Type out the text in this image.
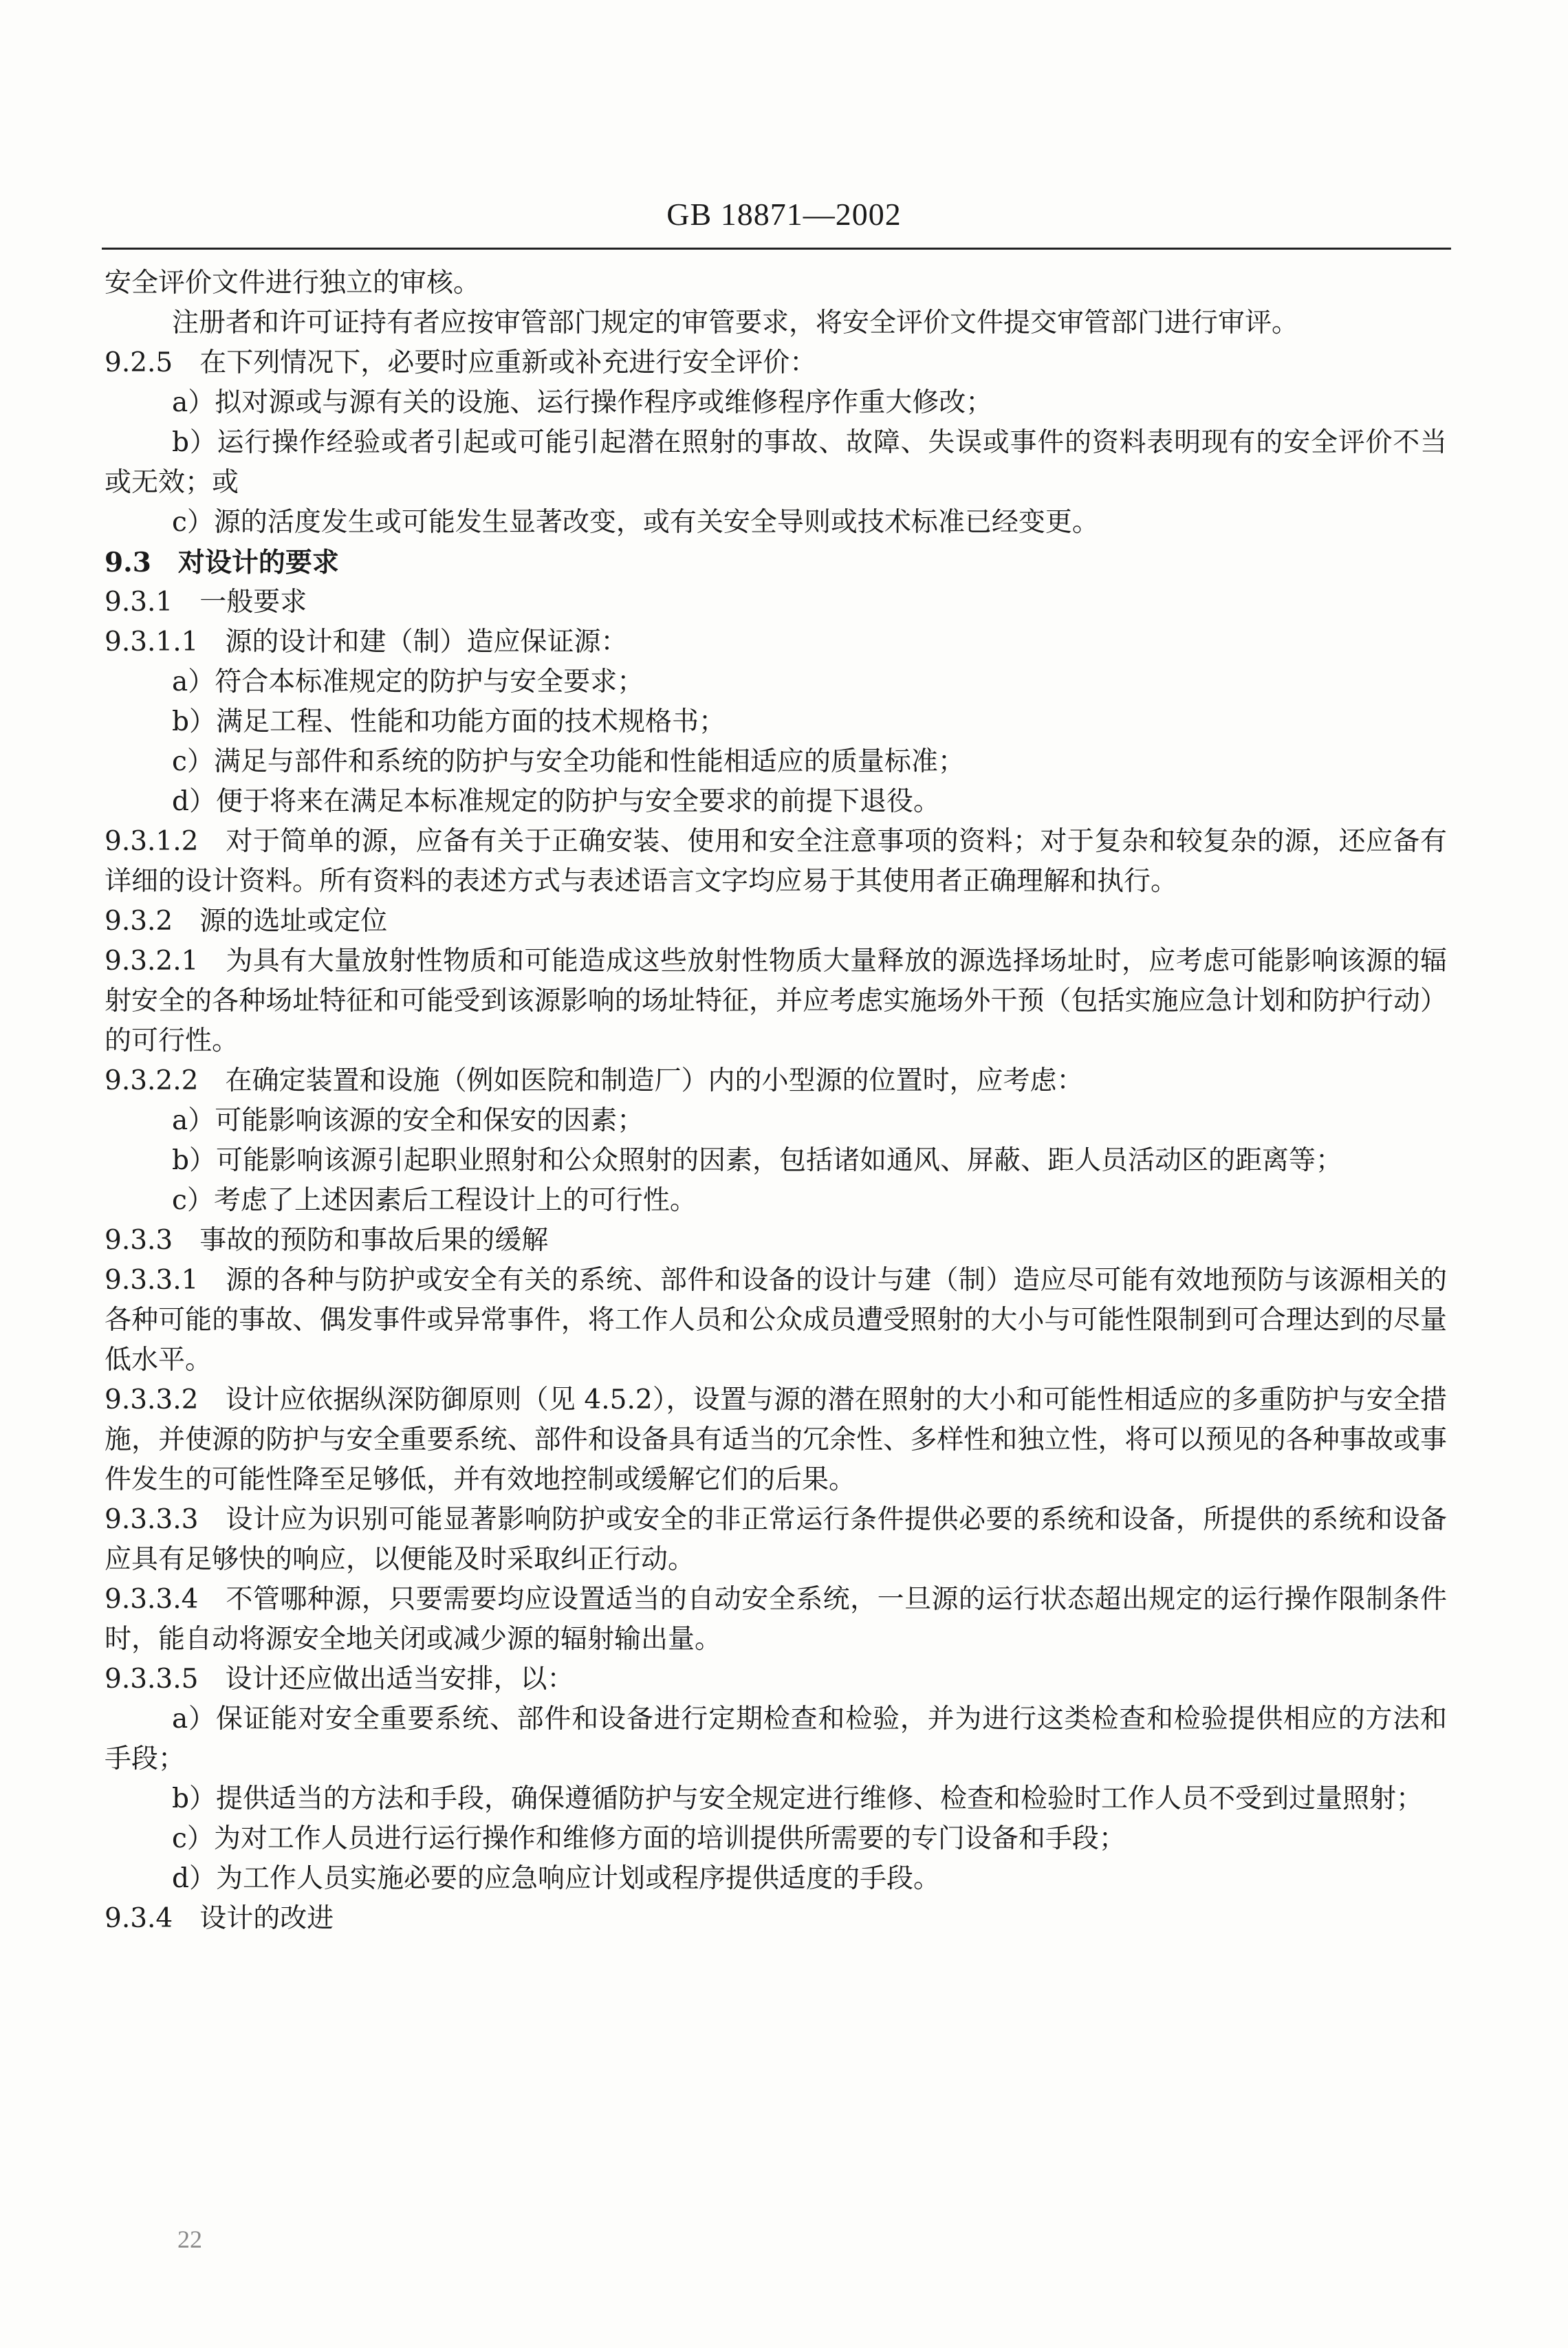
GB 18871—2002

安全评价文件进行独立的审核。

注册者和许可证持有者应按审管部门规定的审管要求，将安全评价文件提交审管部门进行审评。

9.2.5　在下列情况下，必要时应重新或补充进行安全评价：

a）拟对源或与源有关的设施、运行操作程序或维修程序作重大修改；

b）运行操作经验或者引起或可能引起潜在照射的事故、故障、失误或事件的资料表明现有的安全评价不当或无效；或

c）源的活度发生或可能发生显著改变，或有关安全导则或技术标准已经变更。

9.3　对设计的要求

9.3.1　一般要求

9.3.1.1　源的设计和建（制）造应保证源：

a）符合本标准规定的防护与安全要求；

b）满足工程、性能和功能方面的技术规格书；

c）满足与部件和系统的防护与安全功能和性能相适应的质量标准；

d）便于将来在满足本标准规定的防护与安全要求的前提下退役。

9.3.1.2　对于简单的源，应备有关于正确安装、使用和安全注意事项的资料；对于复杂和较复杂的源，还应备有详细的设计资料。所有资料的表述方式与表述语言文字均应易于其使用者正确理解和执行。

9.3.2　源的选址或定位

9.3.2.1　为具有大量放射性物质和可能造成这些放射性物质大量释放的源选择场址时，应考虑可能影响该源的辐射安全的各种场址特征和可能受到该源影响的场址特征，并应考虑实施场外干预（包括实施应急计划和防护行动）的可行性。

9.3.2.2　在确定装置和设施（例如医院和制造厂）内的小型源的位置时，应考虑：

a）可能影响该源的安全和保安的因素；

b）可能影响该源引起职业照射和公众照射的因素，包括诸如通风、屏蔽、距人员活动区的距离等；

c）考虑了上述因素后工程设计上的可行性。

9.3.3　事故的预防和事故后果的缓解

9.3.3.1　源的各种与防护或安全有关的系统、部件和设备的设计与建（制）造应尽可能有效地预防与该源相关的各种可能的事故、偶发事件或异常事件，将工作人员和公众成员遭受照射的大小与可能性限制到可合理达到的尽量低水平。

9.3.3.2　设计应依据纵深防御原则（见 4.5.2），设置与源的潜在照射的大小和可能性相适应的多重防护与安全措施，并使源的防护与安全重要系统、部件和设备具有适当的冗余性、多样性和独立性，将可以预见的各种事故或事件发生的可能性降至足够低，并有效地控制或缓解它们的后果。

9.3.3.3　设计应为识别可能显著影响防护或安全的非正常运行条件提供必要的系统和设备，所提供的系统和设备应具有足够快的响应，以便能及时采取纠正行动。

9.3.3.4　不管哪种源，只要需要均应设置适当的自动安全系统，一旦源的运行状态超出规定的运行操作限制条件时，能自动将源安全地关闭或减少源的辐射输出量。

9.3.3.5　设计还应做出适当安排，以：

a）保证能对安全重要系统、部件和设备进行定期检查和检验，并为进行这类检查和检验提供相应的方法和手段；

b）提供适当的方法和手段，确保遵循防护与安全规定进行维修、检查和检验时工作人员不受到过量照射；

c）为对工作人员进行运行操作和维修方面的培训提供所需要的专门设备和手段；

d）为工作人员实施必要的应急响应计划或程序提供适度的手段。

9.3.4　设计的改进

22
